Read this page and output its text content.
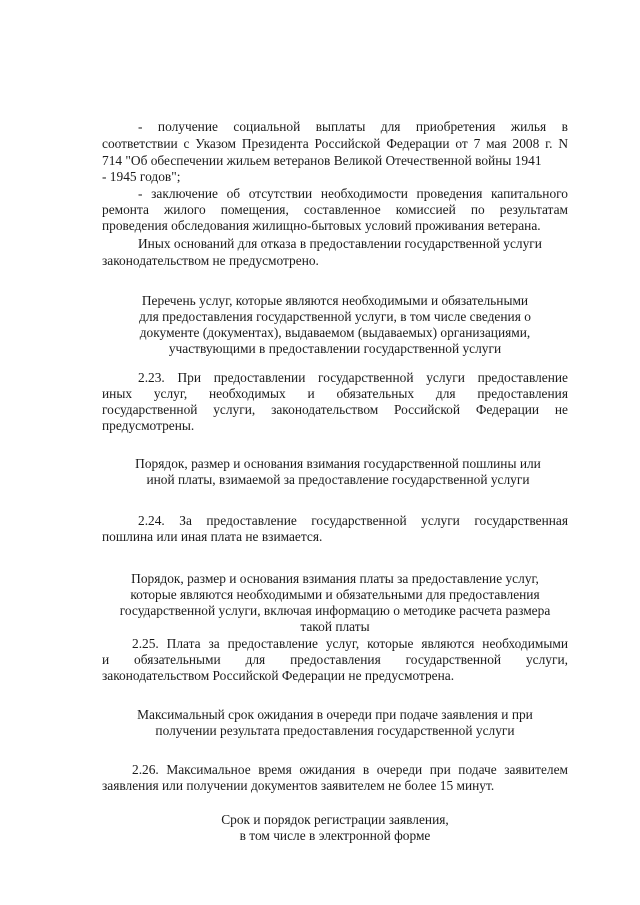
- получение социальной выплаты для приобретения жилья в
соответствии с Указом Президента Российской Федерации от 7 мая 2008 г. N
714 "Об обеспечении жильем ветеранов Великой Отечественной войны 1941
- 1945 годов";
- заключение об отсутствии необходимости проведения капитального
ремонта жилого помещения, составленное комиссией по результатам
проведения обследования жилищно-бытовых условий проживания ветерана.
Иных оснований для отказа в предоставлении государственной услуги
законодательством не предусмотрено.
Перечень услуг, которые являются необходимыми и обязательными
для предоставления государственной услуги, в том числе сведения о
документе (документах), выдаваемом (выдаваемых) организациями,
участвующими в предоставлении государственной услуги
2.23. При предоставлении государственной услуги предоставление
иных услуг, необходимых и обязательных для предоставления
государственной услуги, законодательством Российской Федерации не
предусмотрены.
Порядок, размер и основания взимания государственной пошлины или
иной платы, взимаемой за предоставление государственной услуги
2.24. За предоставление государственной услуги государственная
пошлина или иная плата не взимается.
Порядок, размер и основания взимания платы за предоставление услуг,
которые являются необходимыми и обязательными для предоставления
государственной услуги, включая информацию о методике расчета размера
такой платы
2.25. Плата за предоставление услуг, которые являются необходимыми
и обязательными для предоставления государственной услуги,
законодательством Российской Федерации не предусмотрена.
Максимальный срок ожидания в очереди при подаче заявления и при
получении результата предоставления государственной услуги
2.26. Максимальное время ожидания в очереди при подаче заявителем
заявления или получении документов заявителем не более 15 минут.
Срок и порядок регистрации заявления,
в том числе в электронной форме
